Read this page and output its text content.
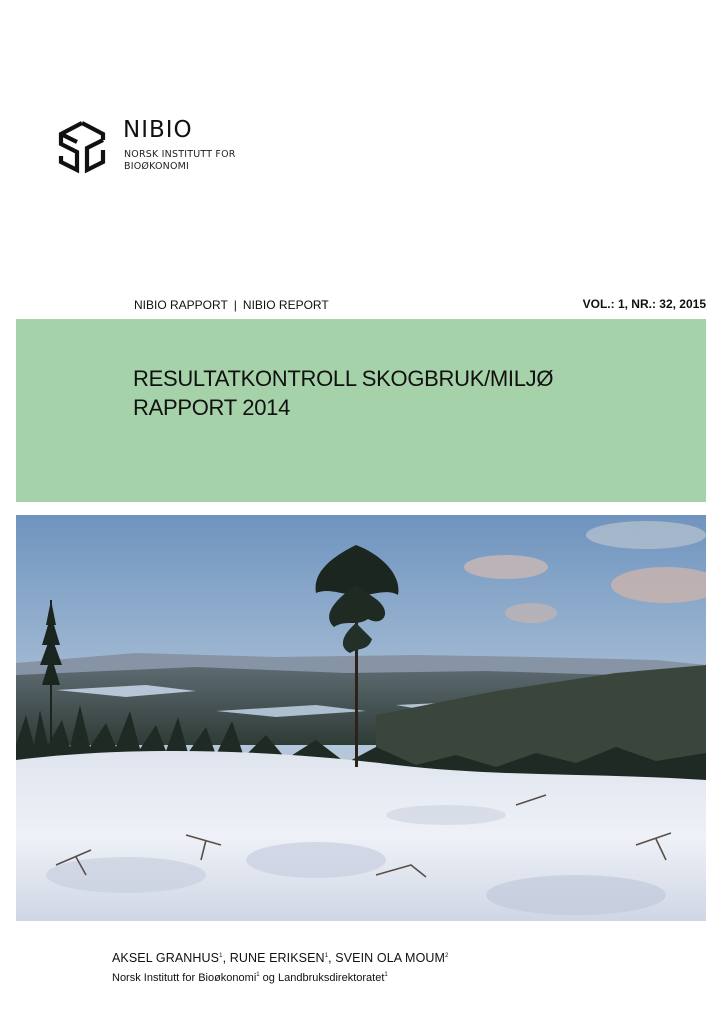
NIBIO
NORSK INSTITUTT FOR
BIOØKONOMI
NIBIO RAPPORT | NIBIO REPORT	VOL.: 1, NR.: 32, 2015
RESULTATKONTROLL SKOGBRUK/MILJØ
RAPPORT 2014
AKSEL GRANHUS$^1$, RUNE ERIKSEN$^1$, SVEIN OLA MOUM$^2$
Norsk Institutt for Bioøkonomi$^1$ og Landbruksdirektoratet$^1$
